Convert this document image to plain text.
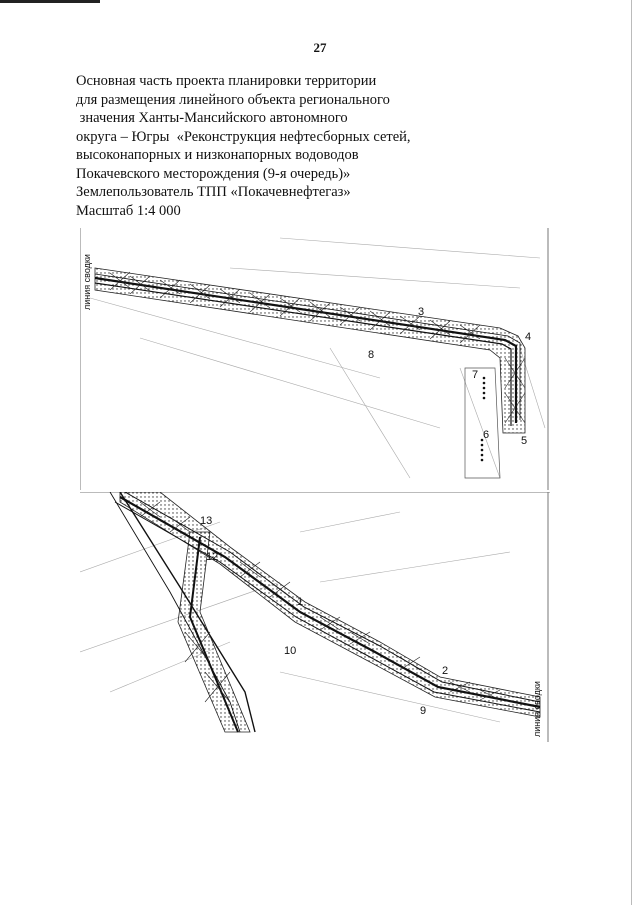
27
Основная часть проекта планировки территории
для размещения линейного объекта регионального
значения Ханты-Мансийского автономного
округа – Югры  «Реконструкция нефтесборных сетей,
высоконапорных и низконапорных водоводов
Покачевского месторождения (9-я очередь)»
Землепользователь ТПП «Покачевнефтегаз»
Масштаб 1:4 000
линия сводки
3
4
5
6
7
8
линия сводки
13
12
1
10
2
9
